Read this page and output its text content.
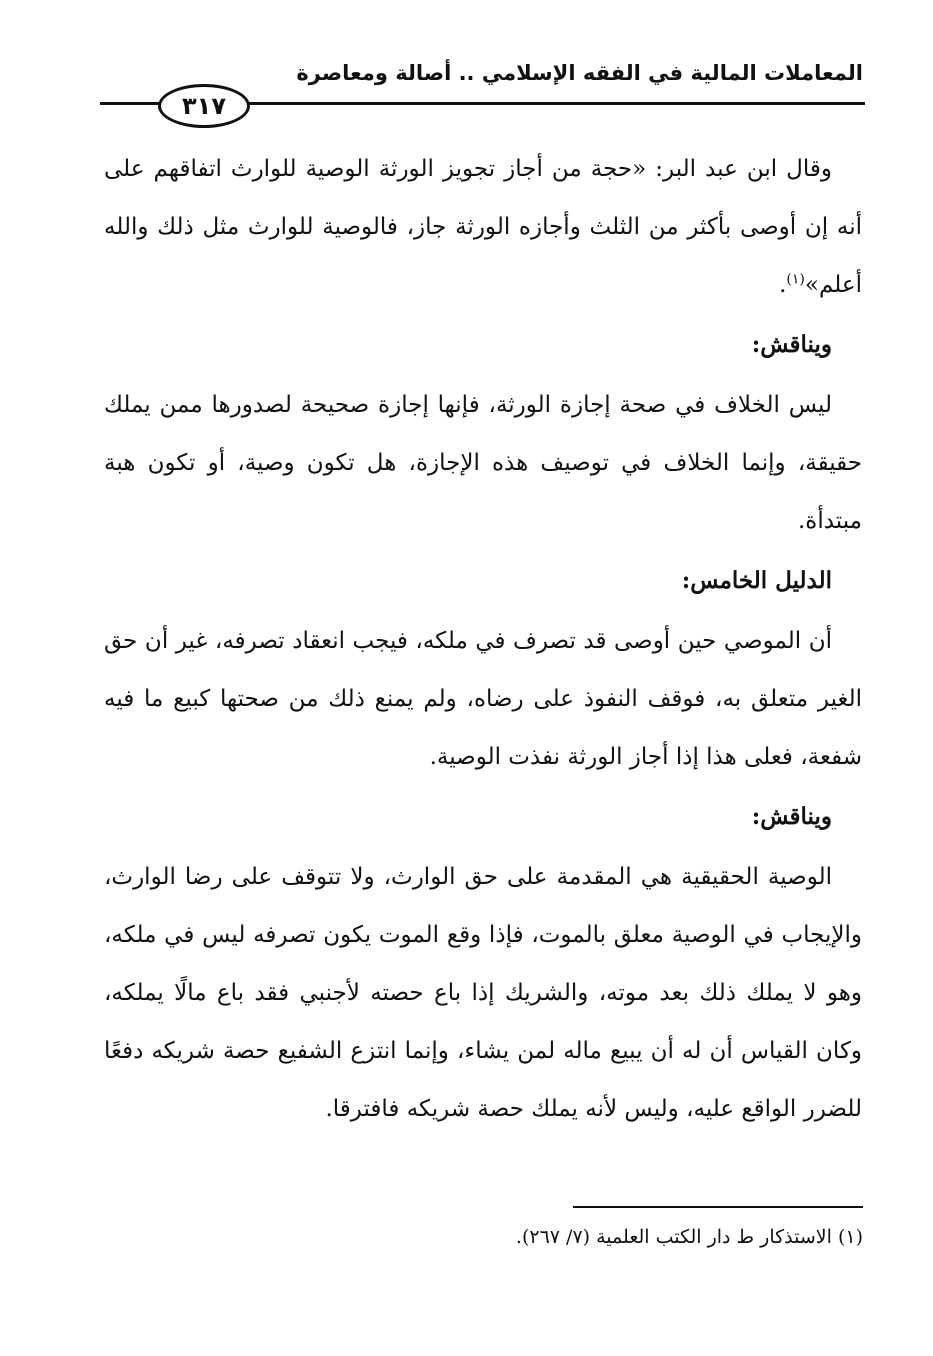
المعاملات المالية في الفقه الإسلامي .. أصالة ومعاصرة
٣١٧

وقال ابن عبد البر: «حجة من أجاز تجويز الورثة الوصية للوارث اتفاقهم على أنه إن أوصى بأكثر من الثلث وأجازه الورثة جاز، فالوصية للوارث مثل ذلك والله أعلم»$^{(١)}$.

ويناقش:

ليس الخلاف في صحة إجازة الورثة، فإنها إجازة صحيحة لصدورها ممن يملك حقيقة، وإنما الخلاف في توصيف هذه الإجازة، هل تكون وصية، أو تكون هبة مبتدأة.

الدليل الخامس:

أن الموصي حين أوصى قد تصرف في ملكه، فيجب انعقاد تصرفه، غير أن حق الغير متعلق به، فوقف النفوذ على رضاه، ولم يمنع ذلك من صحتها كبيع ما فيه شفعة، فعلى هذا إذا أجاز الورثة نفذت الوصية.

ويناقش:

الوصية الحقيقية هي المقدمة على حق الوارث، ولا تتوقف على رضا الوارث، والإيجاب في الوصية معلق بالموت، فإذا وقع الموت يكون تصرفه ليس في ملكه، وهو لا يملك ذلك بعد موته، والشريك إذا باع حصته لأجنبي فقد باع مالًا يملكه، وكان القياس أن له أن يبيع ماله لمن يشاء، وإنما انتزع الشفيع حصة شريكه دفعًا للضرر الواقع عليه، وليس لأنه يملك حصة شريكه فافترقا.

(١) الاستذكار ط دار الكتب العلمية (٧/ ٢٦٧).
